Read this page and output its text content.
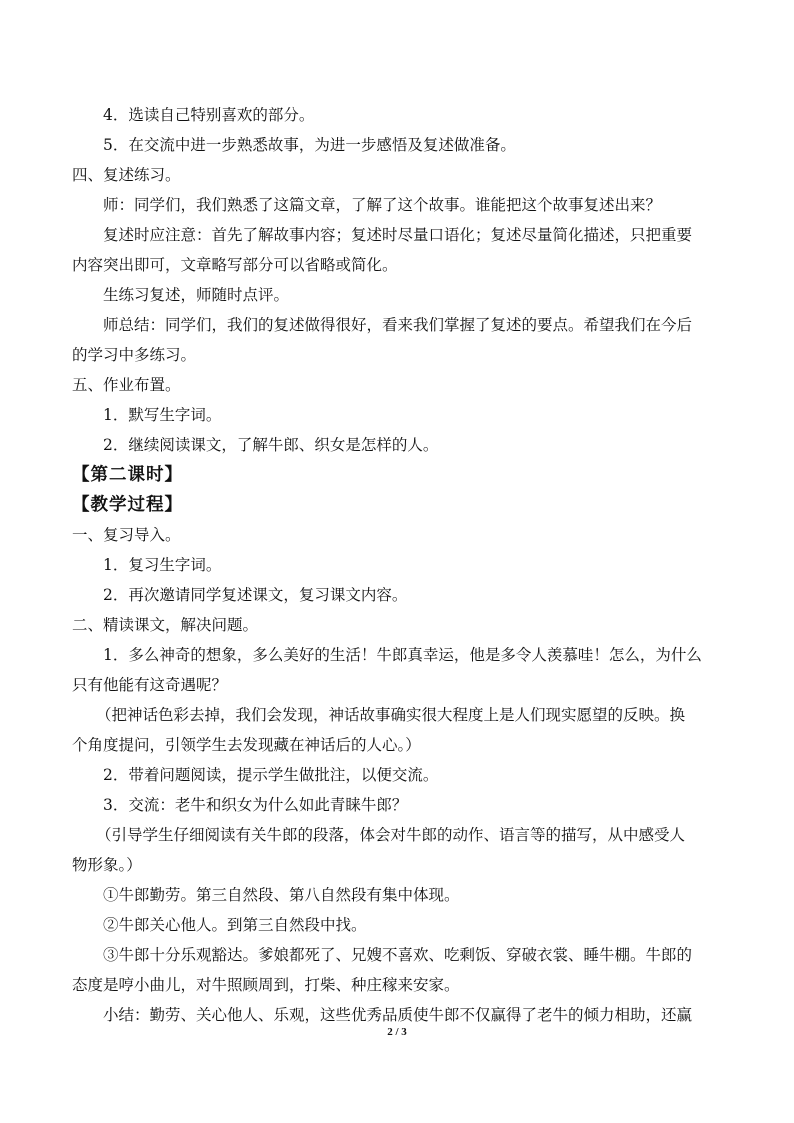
4．选读自己特别喜欢的部分。
5．在交流中进一步熟悉故事，为进一步感悟及复述做准备。
四、复述练习。
师：同学们，我们熟悉了这篇文章，了解了这个故事。谁能把这个故事复述出来？
复述时应注意：首先了解故事内容；复述时尽量口语化；复述尽量简化描述，只把重要
内容突出即可，文章略写部分可以省略或简化。
生练习复述，师随时点评。
师总结：同学们，我们的复述做得很好，看来我们掌握了复述的要点。希望我们在今后
的学习中多练习。
五、作业布置。
1．默写生字词。
2．继续阅读课文，了解牛郎、织女是怎样的人。
【第二课时】
【教学过程】
一、复习导入。
1．复习生字词。
2．再次邀请同学复述课文，复习课文内容。
二、精读课文，解决问题。
1．多么神奇的想象，多么美好的生活！牛郎真幸运，他是多令人羡慕哇！怎么，为什么
只有他能有这奇遇呢？
（把神话色彩去掉，我们会发现，神话故事确实很大程度上是人们现实愿望的反映。换
个角度提问，引领学生去发现藏在神话后的人心。）
2．带着问题阅读，提示学生做批注，以便交流。
3．交流：老牛和织女为什么如此青睐牛郎？
（引导学生仔细阅读有关牛郎的段落，体会对牛郎的动作、语言等的描写，从中感受人
物形象。）
①牛郎勤劳。第三自然段、第八自然段有集中体现。
②牛郎关心他人。到第三自然段中找。
③牛郎十分乐观豁达。爹娘都死了、兄嫂不喜欢、吃剩饭、穿破衣裳、睡牛棚。牛郎的
态度是哼小曲儿，对牛照顾周到，打柴、种庄稼来安家。
小结：勤劳、关心他人、乐观，这些优秀品质使牛郎不仅赢得了老牛的倾力相助，还赢
2 / 3
